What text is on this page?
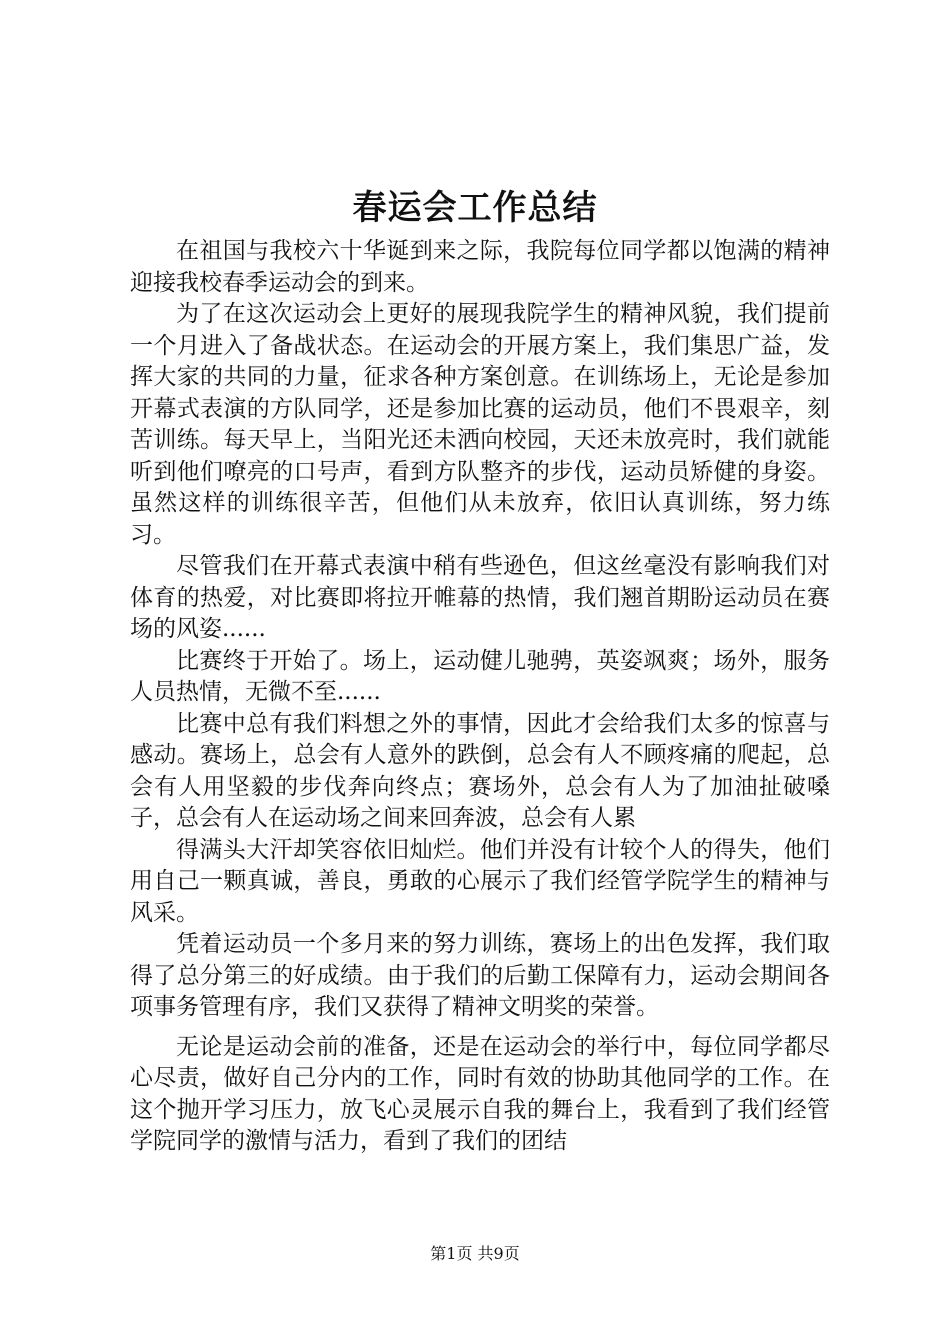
春运会工作总结

在祖国与我校六十华诞到来之际，我院每位同学都以饱满的精神迎接我校春季运动会的到来。

为了在这次运动会上更好的展现我院学生的精神风貌，我们提前一个月进入了备战状态。在运动会的开展方案上，我们集思广益，发挥大家的共同的力量，征求各种方案创意。在训练场上，无论是参加开幕式表演的方队同学，还是参加比赛的运动员，他们不畏艰辛，刻苦训练。每天早上，当阳光还未洒向校园，天还未放亮时，我们就能听到他们嘹亮的口号声，看到方队整齐的步伐，运动员矫健的身姿。虽然这样的训练很辛苦，但他们从未放弃，依旧认真训练，努力练习。

尽管我们在开幕式表演中稍有些逊色，但这丝毫没有影响我们对体育的热爱，对比赛即将拉开帷幕的热情，我们翘首期盼运动员在赛场的风姿......

比赛终于开始了。场上，运动健儿驰骋，英姿飒爽；场外，服务人员热情，无微不至......

比赛中总有我们料想之外的事情，因此才会给我们太多的惊喜与感动。赛场上，总会有人意外的跌倒，总会有人不顾疼痛的爬起，总会有人用坚毅的步伐奔向终点；赛场外，总会有人为了加油扯破嗓子，总会有人在运动场之间来回奔波，总会有人累

得满头大汗却笑容依旧灿烂。他们并没有计较个人的得失，他们用自己一颗真诚，善良，勇敢的心展示了我们经管学院学生的精神与风采。

凭着运动员一个多月来的努力训练，赛场上的出色发挥，我们取得了总分第三的好成绩。由于我们的后勤工保障有力，运动会期间各项事务管理有序，我们又获得了精神文明奖的荣誉。

无论是运动会前的准备，还是在运动会的举行中，每位同学都尽心尽责，做好自己分内的工作，同时有效的协助其他同学的工作。在这个抛开学习压力，放飞心灵展示自我的舞台上，我看到了我们经管学院同学的激情与活力，看到了我们的团结

第1页 共9页
